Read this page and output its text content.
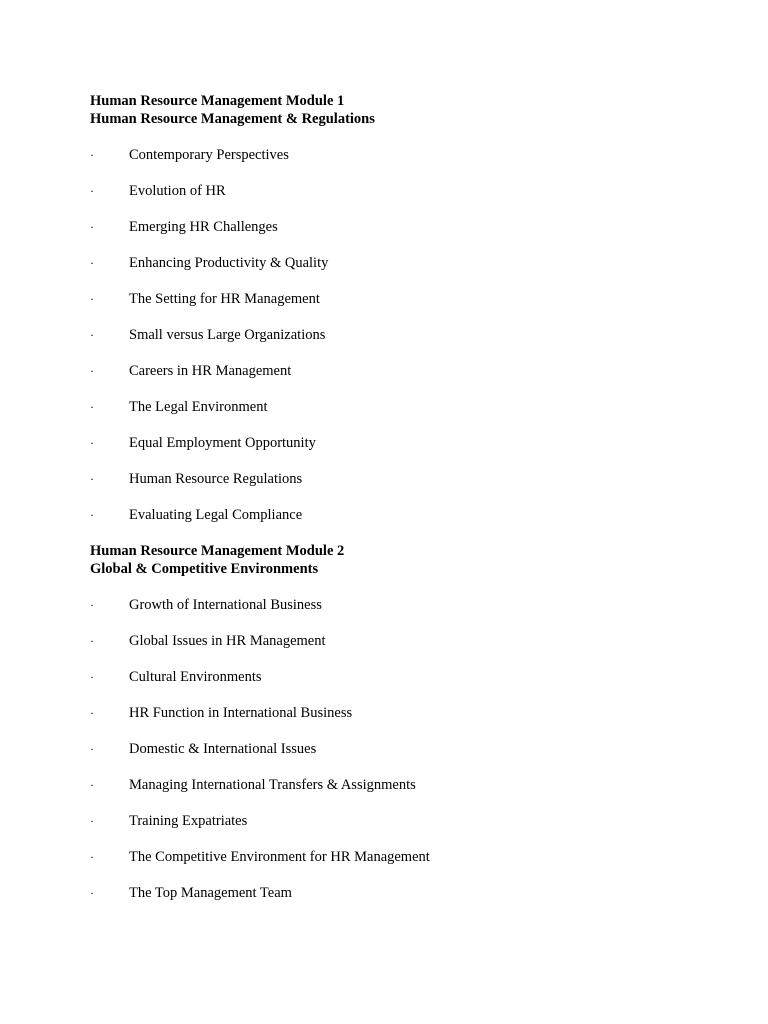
Human Resource Management Module 1

Human Resource Management & Regulations

· Contemporary Perspectives
· Evolution of HR
· Emerging HR Challenges
· Enhancing Productivity & Quality
· The Setting for HR Management
· Small versus Large Organizations
· Careers in HR Management
· The Legal Environment
· Equal Employment Opportunity
· Human Resource Regulations
· Evaluating Legal Compliance

Human Resource Management Module 2

Global & Competitive Environments

· Growth of International Business
· Global Issues in HR Management
· Cultural Environments
· HR Function in International Business
· Domestic & International Issues
· Managing International Transfers & Assignments
· Training Expatriates
· The Competitive Environment for HR Management
· The Top Management Team
